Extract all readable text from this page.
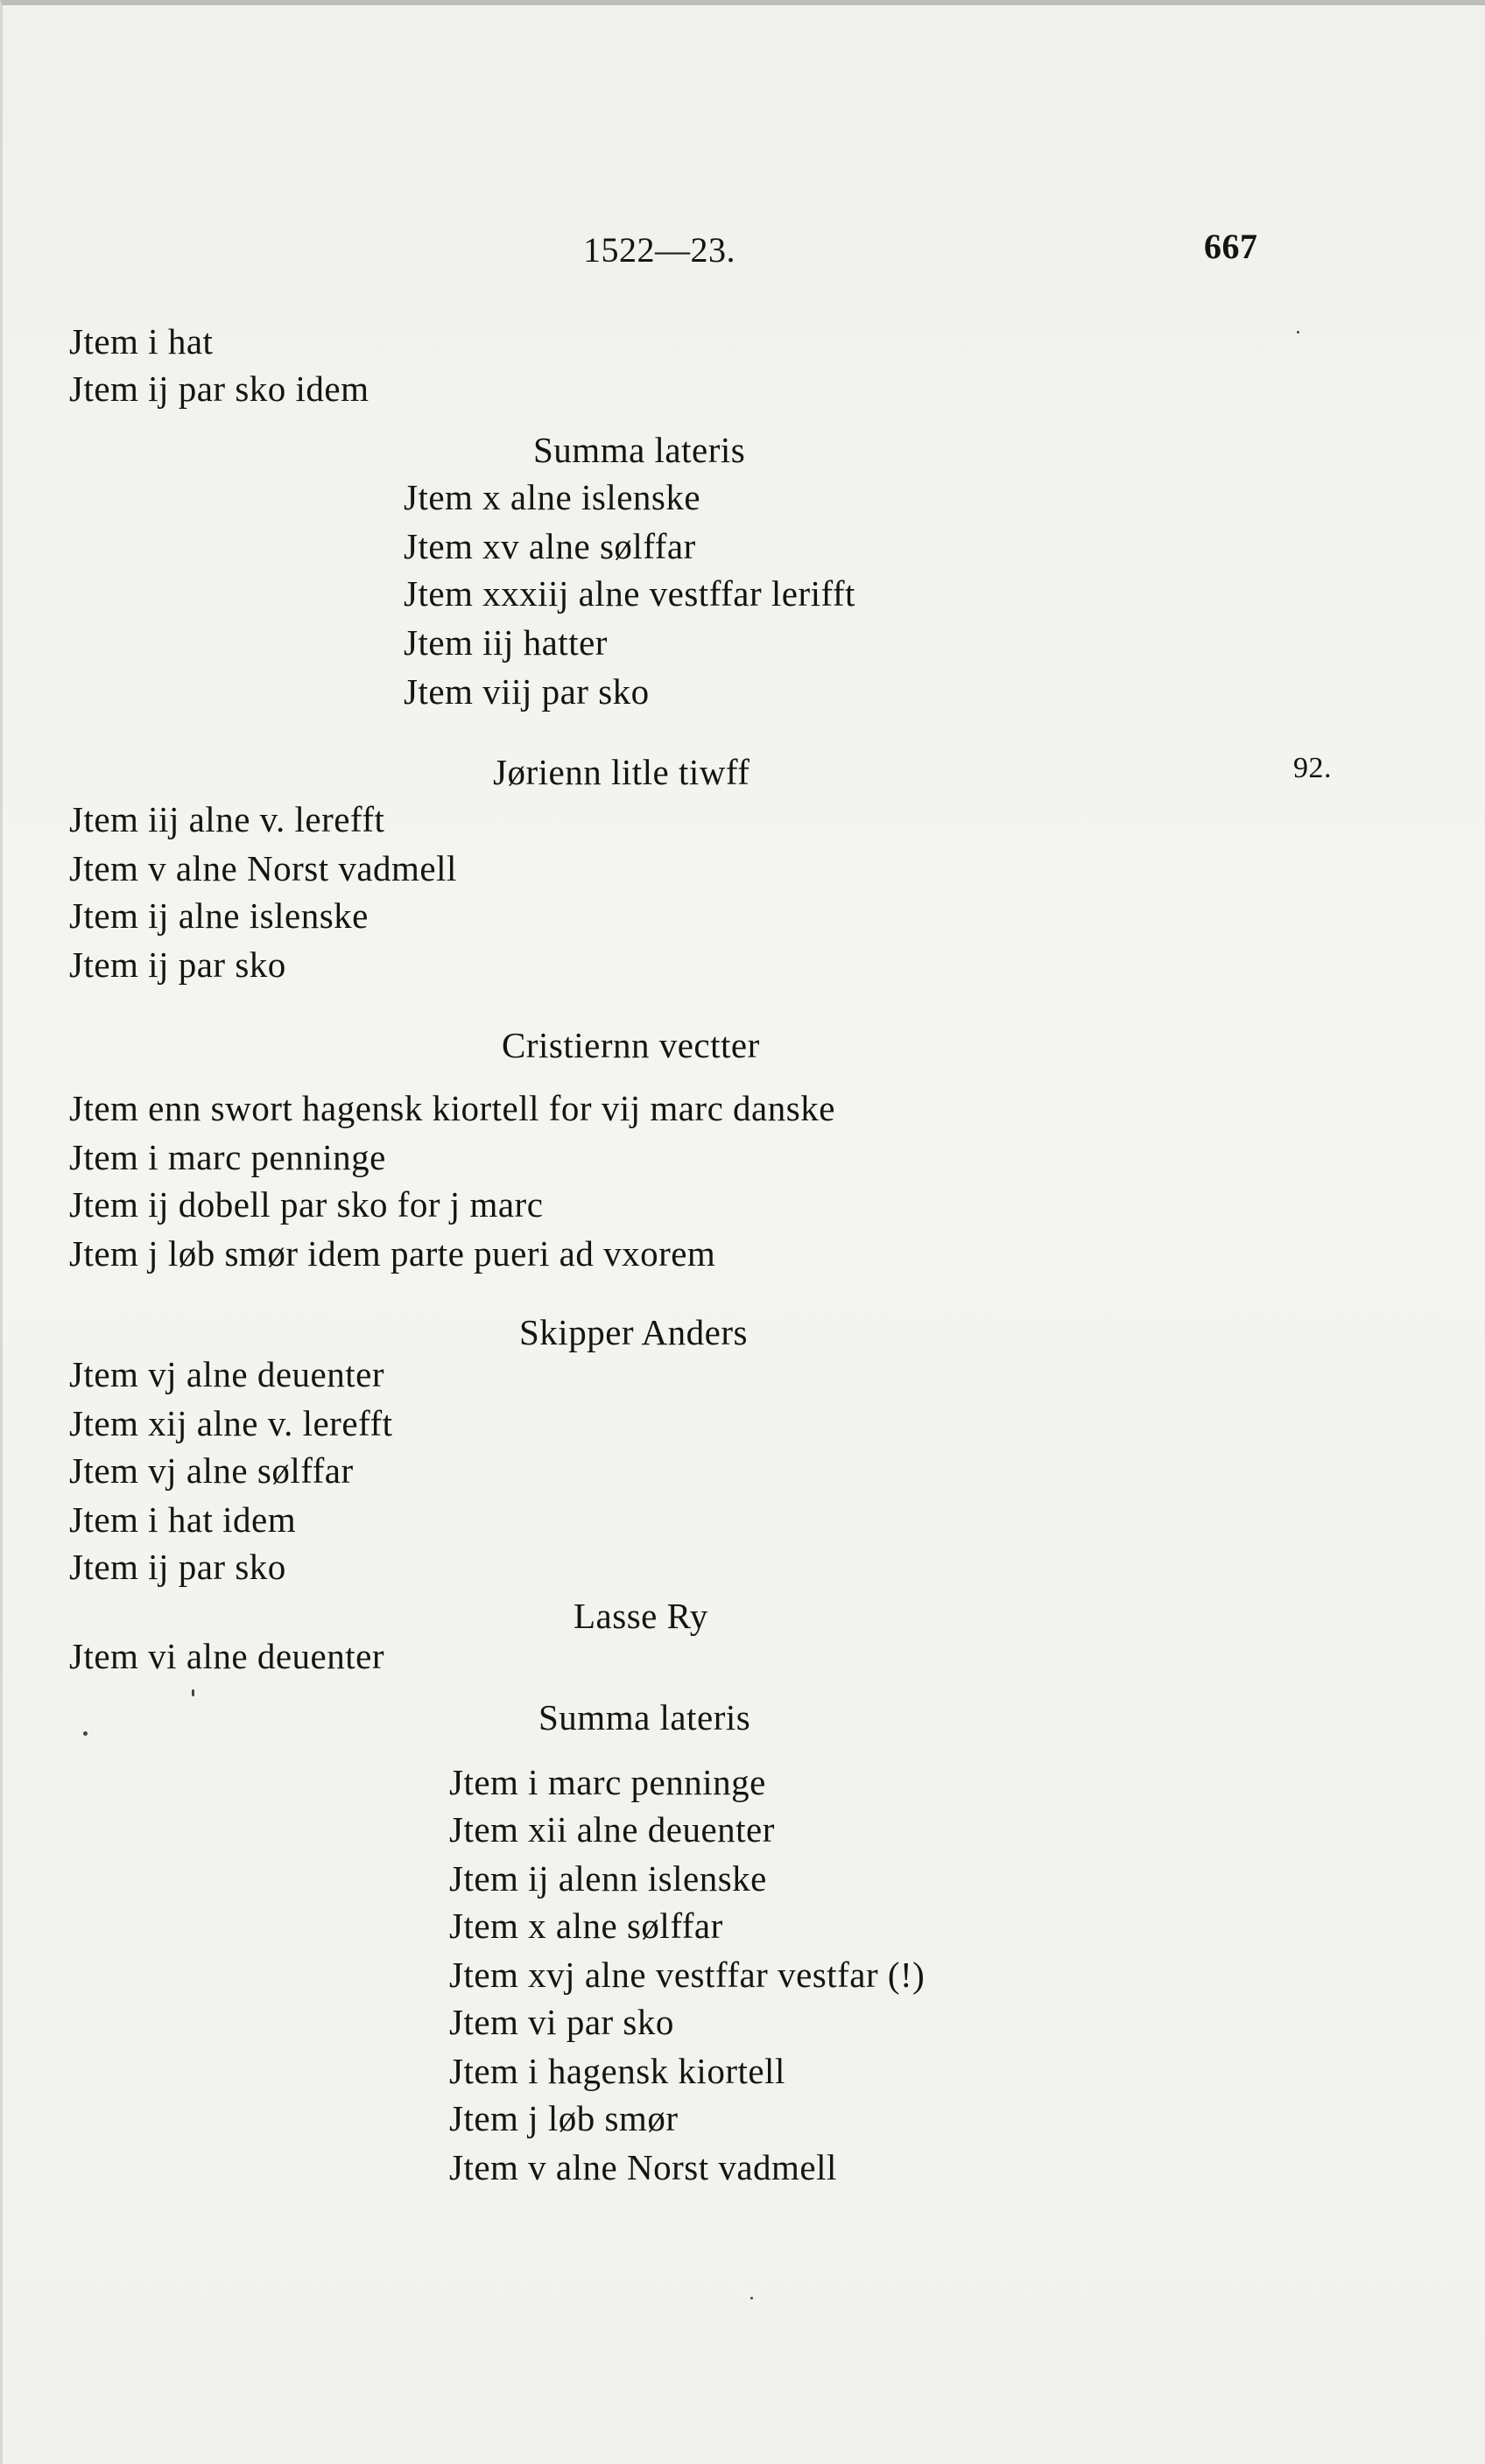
1522—23.	667
92.
Jtem i hat
Jtem ij par sko idem
Summa lateris
Jtem x alne islenske
Jtem xv alne sølffar
Jtem xxxiij alne vestffar lerifft
Jtem iij hatter
Jtem viij par sko
Jørienn litle tiwff
Jtem iij alne v. lerefft
Jtem v alne Norst vadmell
Jtem ij alne islenske
Jtem ij par sko
Cristiernn vectter
Jtem enn swort hagensk kiortell for vij marc danske
Jtem i marc penninge
Jtem ij dobell par sko for j marc
Jtem j løb smør idem parte pueri ad vxorem
Skipper Anders
Jtem vj alne deuenter
Jtem xij alne v. lerefft
Jtem vj alne sølffar
Jtem i hat idem
Jtem ij par sko
Lasse Ry
Jtem vi alne deuenter
Summa lateris
Jtem i marc penninge
Jtem xii alne deuenter
Jtem ij alenn islenske
Jtem x alne sølffar
Jtem xvj alne vestffar vestfar (!)
Jtem vi par sko
Jtem i hagensk kiortell
Jtem j løb smør
Jtem v alne Norst vadmell
